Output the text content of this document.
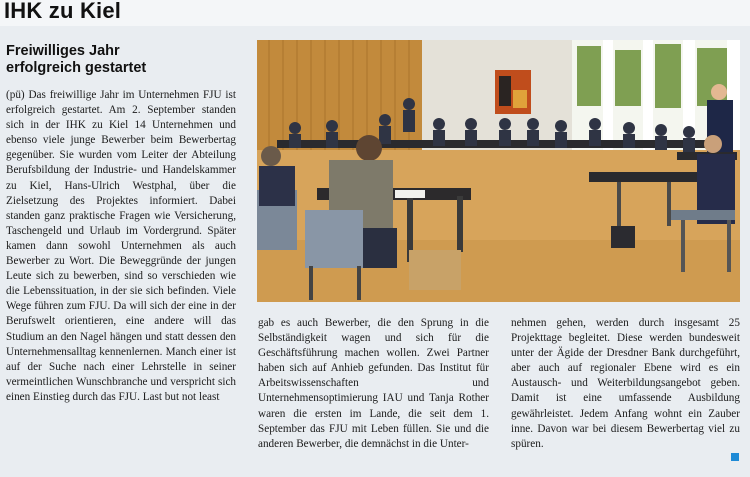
IHK zu Kiel
Freiwilliges Jahr
erfolgreich gestartet

(pü) Das freiwillige Jahr im Unternehmen FJU ist erfolgreich gestartet. Am 2. September standen sich in der IHK zu Kiel 14 Unternehmen und ebenso viele junge Bewerber beim Bewerbertag gegenüber. Sie wurden vom Leiter der Abteilung Berufsbildung der Industrie- und Handelskammer zu Kiel, Hans-Ulrich Westphal, über die Zielsetzung des Projektes informiert. Dabei standen ganz praktische Fragen wie Versicherung, Taschengeld und Urlaub im Vordergrund. Später kamen dann sowohl Unternehmen als auch Bewerber zu Wort. Die Beweggründe der jungen Leute sich zu bewerben, sind so verschieden wie die Lebenssituation, in der sie sich befinden. Viele Wege führen zum FJU. Da will sich der eine in der Berufswelt orientieren, eine andere will das Studium an den Nagel hängen und statt dessen den Unternehmensalltag kennenlernen. Manch einer ist auf der Suche nach einer Lehrstelle in seiner vermeintlichen Wunschbranche und verspricht sich einen Einstieg durch das FJU. Last but not least

gab es auch Bewerber, die den Sprung in die Selbständigkeit wagen und sich für die Geschäftsführung machen wollen. Zwei Partner haben sich auf Anhieb gefunden. Das Institut für Arbeitswissenschaften und Unternehmensoptimierung IAU und Tanja Rother waren die ersten im Lande, die seit dem 1. September das FJU mit Leben füllen. Sie und die anderen Bewerber, die demnächst in die Unter-

nehmen gehen, werden durch insgesamt 25 Projekttage begleitet. Diese werden bundesweit unter der Ägide der Dresdner Bank durchgeführt, aber auch auf regionaler Ebene wird es ein Austausch- und Weiterbildungsangebot geben. Damit ist eine umfassende Ausbildung gewährleistet. Jedem Anfang wohnt ein Zauber inne. Davon war bei diesem Bewerbertag viel zu spüren.
